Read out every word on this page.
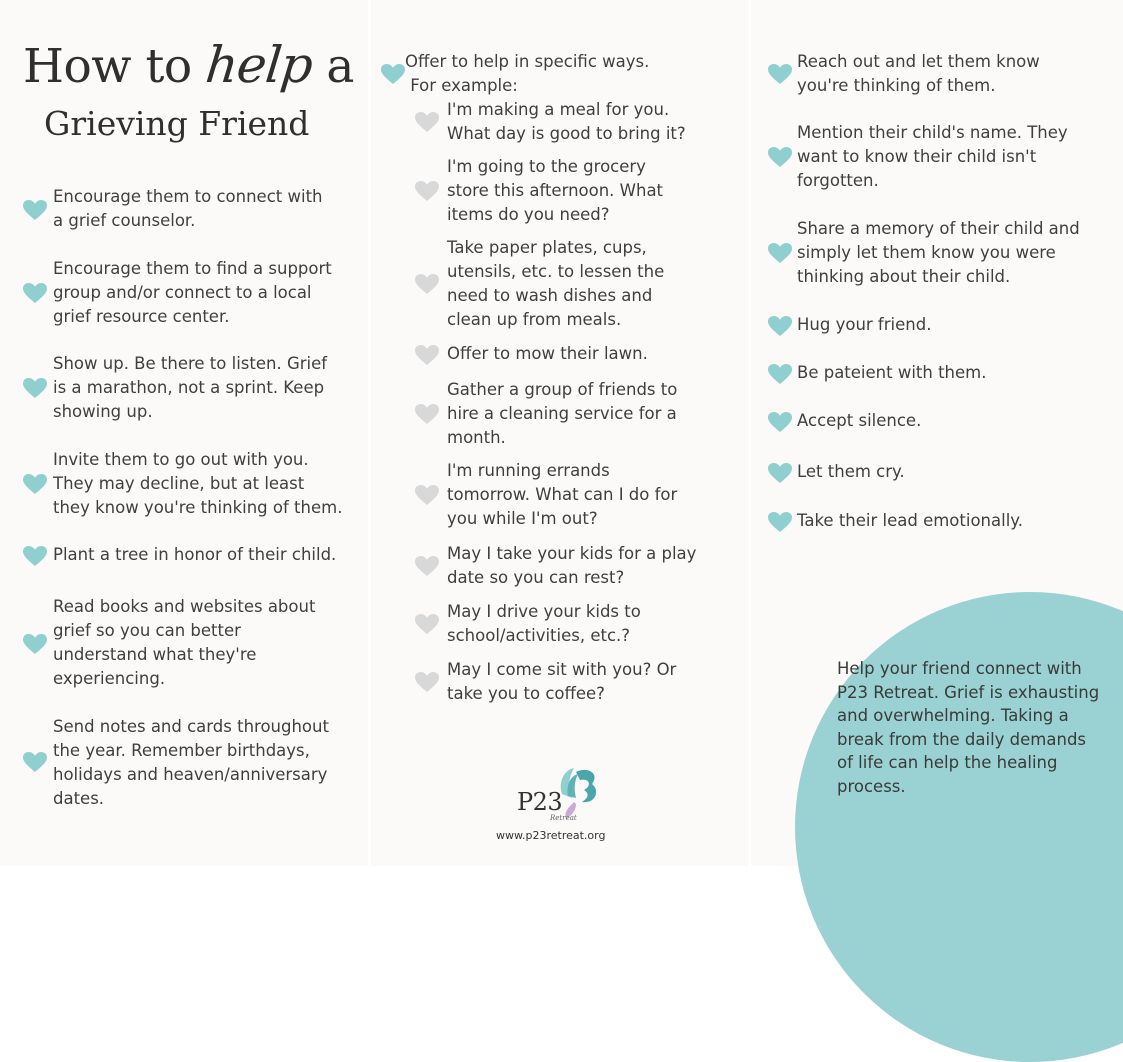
How to help a
Grieving Friend
Encourage them to connect with
a grief counselor.
Encourage them to find a support
group and/or connect to a local
grief resource center.
Show up. Be there to listen. Grief
is a marathon, not a sprint. Keep
showing up.
Invite them to go out with you.
They may decline, but at least
they know you're thinking of them.
Plant a tree in honor of their child.
Read books and websites about
grief so you can better
understand what they're
experiencing.
Send notes and cards throughout
the year. Remember birthdays,
holidays and heaven/anniversary
dates.
Offer to help in specific ways.
For example:
I'm making a meal for you.
What day is good to bring it?
I'm going to the grocery
store this afternoon. What
items do you need?
Take paper plates, cups,
utensils, etc. to lessen the
need to wash dishes and
clean up from meals.
Offer to mow their lawn.
Gather a group of friends to
hire a cleaning service for a
month.
I'm running errands
tomorrow. What can I do for
you while I'm out?
May I take your kids for a play
date so you can rest?
May I drive your kids to
school/activities, etc.?
May I come sit with you? Or
take you to coffee?
Reach out and let them know
you're thinking of them.
Mention their child's name. They
want to know their child isn't
forgotten.
Share a memory of their child and
simply let them know you were
thinking about their child.
Hug your friend.
Be pateient with them.
Accept silence.
Let them cry.
Take their lead emotionally.
Help your friend connect with
P23 Retreat. Grief is exhausting
and overwhelming. Taking a
break from the daily demands
of life can help the healing
process.
P23
Retreat
www.p23retreat.org
